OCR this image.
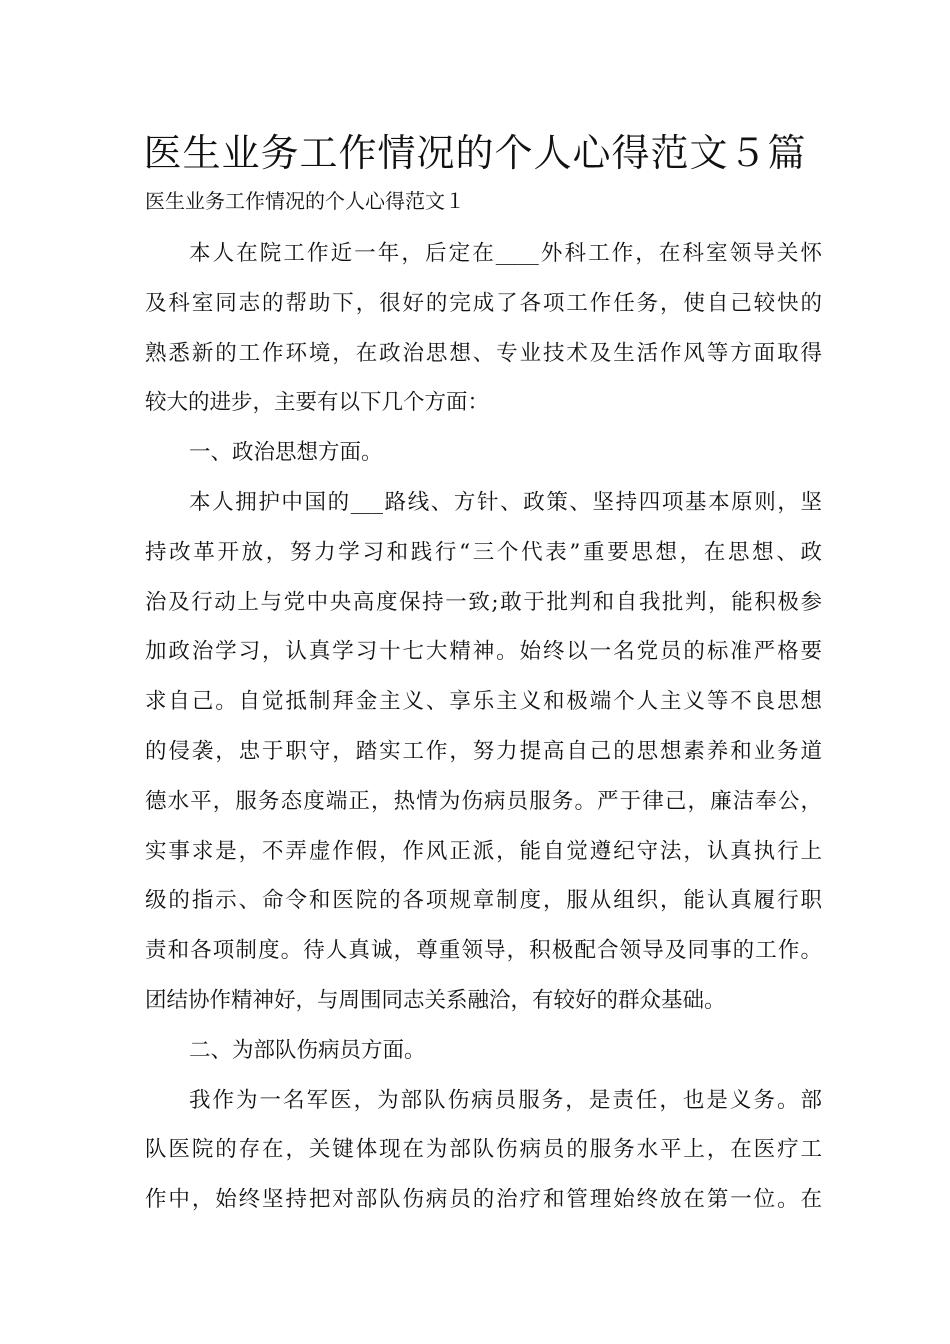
医生业务工作情况的个人心得范文５篇

医生业务工作情况的个人心得范文１

本人在院工作近一年，后定在____外科工作，在科室领导关怀
及科室同志的帮助下，很好的完成了各项工作任务，使自己较快的
熟悉新的工作环境，在政治思想、专业技术及生活作风等方面取得
较大的进步，主要有以下几个方面：

一、政治思想方面。

本人拥护中国的___路线、方针、政策、坚持四项基本原则，坚
持改革开放，努力学习和践行“三个代表”重要思想，在思想、政
治及行动上与党中央高度保持一致;敢于批判和自我批判，能积极参
加政治学习，认真学习十七大精神。始终以一名党员的标准严格要
求自己。自觉抵制拜金主义、享乐主义和极端个人主义等不良思想
的侵袭，忠于职守，踏实工作，努力提高自己的思想素养和业务道
德水平，服务态度端正，热情为伤病员服务。严于律己，廉洁奉公，
实事求是，不弄虚作假，作风正派，能自觉遵纪守法，认真执行上
级的指示、命令和医院的各项规章制度，服从组织，能认真履行职
责和各项制度。待人真诚，尊重领导，积极配合领导及同事的工作。
团结协作精神好，与周围同志关系融洽，有较好的群众基础。

二、为部队伤病员方面。

我作为一名军医，为部队伤病员服务，是责任，也是义务。部
队医院的存在，关键体现在为部队伤病员的服务水平上，在医疗工
作中，始终坚持把对部队伤病员的治疗和管理始终放在第一位。在
